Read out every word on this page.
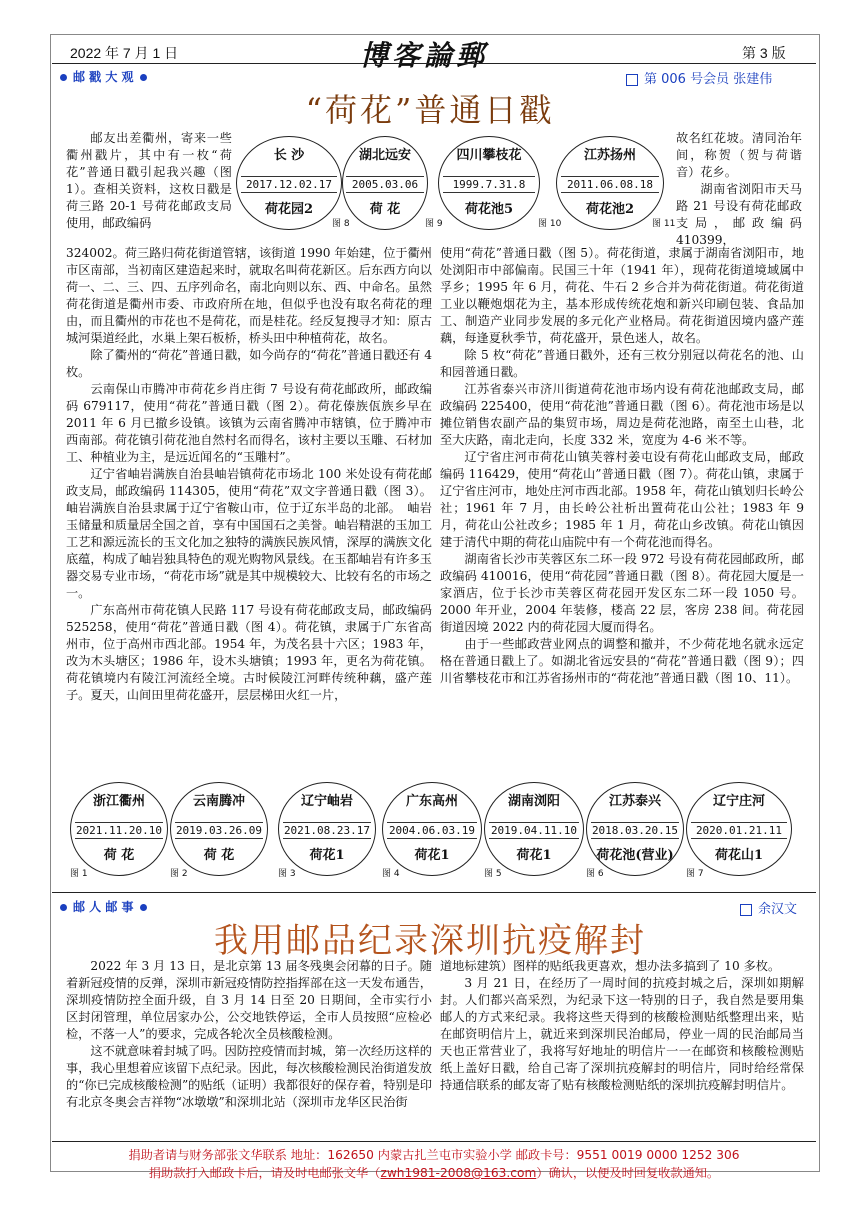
2022 年 7 月 1 日	博客論郵	第 3 版
邮 戳 大 观	第 006 号会员 张建伟
“荷花”普通日戳
长 沙
2017.12.02.17
荷花园2
图 8
湖北远安
2005.03.06
荷 花
图 9
四川攀枝花
1999.7.31.8
荷花池5
图 10
江苏扬州
2011.06.08.18
荷花池2
图 11

邮友出差衢州，寄来一些衢州戳片，其中有一枚“荷花”普通日戳引起我兴趣（图 1）。查相关资料，这枚日戳是荷三路 20-1 号荷花邮政支局使用，邮政编码

324002。荷三路归荷花街道管辖，该街道 1990 年始建，位于衢州市区南部，当初南区建造起来时，就取名叫荷花新区。后东西方向以荷一、二、三、四、五序列命名，南北向则以东、西、中命名。虽然荷花街道是衢州市委、市政府所在地，但似乎也没有取名荷花的理由，而且衢州的市花也不是荷花，而是桂花。经反复搜寻才知：原古城河渠道经此，水巢上架石板桥，桥头田中种植荷花，故名。

除了衢州的“荷花”普通日戳，如今尚存的“荷花”普通日戳还有 4 枚。

云南保山市腾冲市荷花乡肖庄街 7 号设有荷花邮政所，邮政编码 679117，使用“荷花”普通日戳（图 2）。荷花傣族佤族乡早在 2011 年 6 月已撤乡设镇。该镇为云南省腾冲市辖镇，位于腾冲市西南部。荷花镇引荷花池自然村名而得名，该村主要以玉雕、石材加工、种植业为主，是远近闻名的“玉雕村”。

辽宁省岫岩满族自治县岫岩镇荷花市场北 100 米处设有荷花邮政支局，邮政编码 114305，使用“荷花”双文字普通日戳（图 3）。岫岩满族自治县隶属于辽宁省鞍山市，位于辽东半岛的北部。　岫岩玉储量和质量居全国之首，享有中国国石之美誉。岫岩精湛的玉加工工艺和源远流长的玉文化加之独特的满族民族风情，深厚的满族文化底蕴，构成了岫岩独具特色的观光购物风景线。在玉都岫岩有许多玉器交易专业市场，“荷花市场”就是其中规模较大、比较有名的市场之一。

广东高州市荷花镇人民路 117 号设有荷花邮政支局，邮政编码 525258，使用“荷花”普通日戳（图 4）。荷花镇，隶属于广东省高州市，位于高州市西北部。1954 年，为茂名县十六区；1983 年，改为木头塘区；1986 年，设木头塘镇；1993 年，更名为荷花镇。荷花镇境内有陵江河流经全境。古时候陵江河畔传统种藕，盛产莲子。夏天，山间田里荷花盛开，层层梯田火红一片，

故名红花坡。清同治年间，称贺（贺与荷谐音）花乡。

湖南省浏阳市天马路 21 号设有荷花邮政支局，邮政编码 410399，

使用“荷花”普通日戳（图 5）。荷花街道，隶属于湖南省浏阳市，地处浏阳市中部偏南。民国三十年（1941 年），现荷花街道境域属中孚乡；1995 年 6 月，荷花、牛石 2 乡合并为荷花街道。荷花街道工业以鞭炮烟花为主，基本形成传统花炮和新兴印刷包装、食品加工、制造产业同步发展的多元化产业格局。荷花街道因境内盛产莲藕，每逢夏秋季节，荷花盛开，景色迷人，故名。

除 5 枚“荷花”普通日戳外，还有三枚分别冠以荷花名的池、山和园普通日戳。

江苏省泰兴市济川街道荷花池市场内设有荷花池邮政支局，邮政编码 225400，使用“荷花池”普通日戳（图 6）。荷花池市场是以摊位销售农副产品的集贸市场，周边是荷花池路，南至土山巷，北至大庆路，南北走向，长度 332 米，宽度为 4-6 米不等。

辽宁省庄河市荷花山镇芙蓉村姜屯设有荷花山邮政支局，邮政编码 116429，使用“荷花山”普通日戳（图 7）。荷花山镇，隶属于辽宁省庄河市，地处庄河市西北部。1958 年，荷花山镇划归长岭公社；1961 年 7 月，由长岭公社析出置荷花山公社；1983 年 9 月，荷花山公社改乡；1985 年 1 月，荷花山乡改镇。荷花山镇因建于清代中期的荷花山庙院中有一个荷花池而得名。

湖南省长沙市芙蓉区东二环一段 972 号设有荷花园邮政所，邮政编码 410016，使用“荷花园”普通日戳（图 8）。荷花园大厦是一家酒店，位于长沙市芙蓉区荷花园开发区东二环一段 1050 号。2000 年开业，2004 年装修，楼高 22 层，客房 238 间。荷花园街道因境 2022 内的荷花园大厦而得名。

由于一些邮政营业网点的调整和撤并，不少荷花地名就永远定格在普通日戳上了。如湖北省远安县的“荷花”普通日戳（图 9）；四川省攀枝花市和江苏省扬州市的“荷花池”普通日戳（图 10、11）。

浙江衢州
2021.11.20.10
荷 花
图 1
云南腾冲
2019.03.26.09
荷 花
图 2
辽宁岫岩
2021.08.23.17
荷花1
图 3
广东高州
2004.06.03.19
荷花1
图 4
湖南浏阳
2019.04.11.10
荷花1
图 5
江苏泰兴
2018.03.20.15
荷花池(营业)
图 6
辽宁庄河
2020.01.21.11
荷花山1
图 7
邮 人 邮 事	余汉文
我用邮品纪录深圳抗疫解封

2022 年 3 月 13 日，是北京第 13 届冬残奥会闭幕的日子。随着新冠疫情的反弹，深圳市新冠疫情防控指挥部在这一天发布通告，深圳疫情防控全面升级，自 3 月 14 日至 20 日期间，全市实行小区封闭管理，单位居家办公，公交地铁停运，全市人员按照“应检必检，不落一人”的要求，完成各轮次全员核酸检测。

这不就意味着封城了吗。因防控疫情而封城，第一次经历这样的事，我心里想着应该留下点纪录。因此，每次核酸检测民治街道发放的“你已完成核酸检测”的贴纸（证明）我都很好的保存着，特别是印有北京冬奥会吉祥物“冰墩墩”和深圳北站（深圳市龙华区民治街

道地标建筑）图样的贴纸我更喜欢，想办法多搞到了 10 多枚。

3 月 21 日，在经历了一周时间的抗疫封城之后，深圳如期解封。人们都兴高采烈，为纪录下这一特别的日子，我自然是要用集邮人的方式来纪录。我将这些天得到的核酸检测贴纸整理出来，贴在邮资明信片上，就近来到深圳民治邮局，停业一周的民治邮局当天也正常营业了，我将写好地址的明信片一一在邮资和核酸检测贴纸上盖好日戳，给自己寄了深圳抗疫解封的明信片，同时给经常保持通信联系的邮友寄了贴有核酸检测贴纸的深圳抗疫解封明信片。

捐助者请与财务部张文华联系 地址：162650 内蒙古扎兰屯市实验小学 邮政卡号：9551 0019 0000 1252 306
捐助款打入邮政卡后，请及时电邮张文华（zwh1981-2008@163.com）确认，以便及时回复收款通知。
